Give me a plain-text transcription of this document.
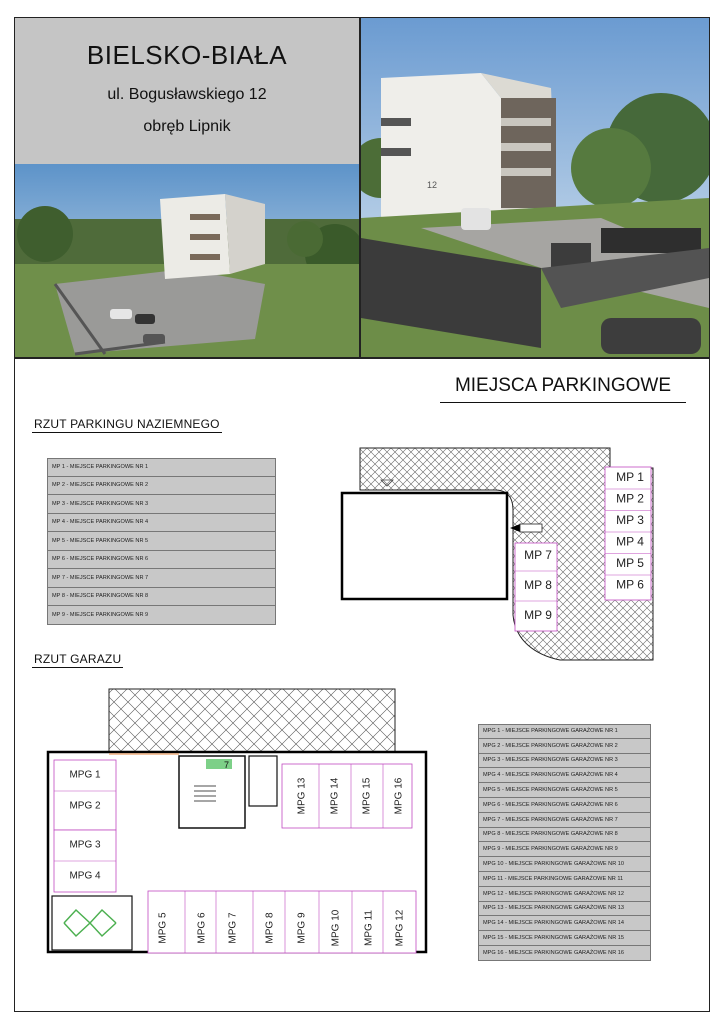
BIELSKO-BIAŁA
ul. Bogusławskiego 12
obręb Lipnik
12
MIEJSCA PARKINGOWE
RZUT PARKINGU NAZIEMNEGO
MP 1 - MIEJSCE PARKINGOWE NR 1
MP 2 - MIEJSCE PARKINGOWE NR 2
MP 3 - MIEJSCE PARKINGOWE NR 3
MP 4 - MIEJSCE PARKINGOWE NR 4
MP 5 - MIEJSCE PARKINGOWE NR 5
MP 6 - MIEJSCE PARKINGOWE NR 6
MP 7 - MIEJSCE PARKINGOWE NR 7
MP 8 - MIEJSCE PARKINGOWE NR 8
MP 9 - MIEJSCE PARKINGOWE NR 9
MP 1
MP 2
MP 3
MP 4
MP 5
MP 6
MP 7
MP 8
MP 9
RZUT GARAZU
7
MPG 1
MPG 2
MPG 3
MPG 4
MPG 13 MPG 14 MPG 15 MPG 16
MPG 5	MPG 6 MPG 7	MPG 8 MPG 9 MPG 10 MPG 11 MPG 12
MPG 1 - MIEJSCE PARKINGOWE GARAŻOWE NR 1
MPG 2 - MIEJSCE PARKINGOWE GARAŻOWE NR 2
MPG 3 - MIEJSCE PARKINGOWE GARAŻOWE NR 3
MPG 4 - MIEJSCE PARKINGOWE GARAŻOWE NR 4
MPG 5 - MIEJSCE PARKINGOWE GARAŻOWE NR 5
MPG 6 - MIEJSCE PARKINGOWE GARAŻOWE NR 6
MPG 7 - MIEJSCE PARKINGOWE GARAŻOWE NR 7
MPG 8 - MIEJSCE PARKINGOWE GARAŻOWE NR 8
MPG 9 - MIEJSCE PARKINGOWE GARAŻOWE NR 9
MPG 10 - MIEJSCE PARKINGOWE GARAŻOWE NR 10
MPG 11 - MIEJSCE PARKINGOWE GARAŻOWE NR 11
MPG 12 - MIEJSCE PARKINGOWE GARAŻOWE NR 12
MPG 13 - MIEJSCE PARKINGOWE GARAŻOWE NR 13
MPG 14 - MIEJSCE PARKINGOWE GARAŻOWE NR 14
MPG 15 - MIEJSCE PARKINGOWE GARAŻOWE NR 15
MPG 16 - MIEJSCE PARKINGOWE GARAŻOWE NR 16
